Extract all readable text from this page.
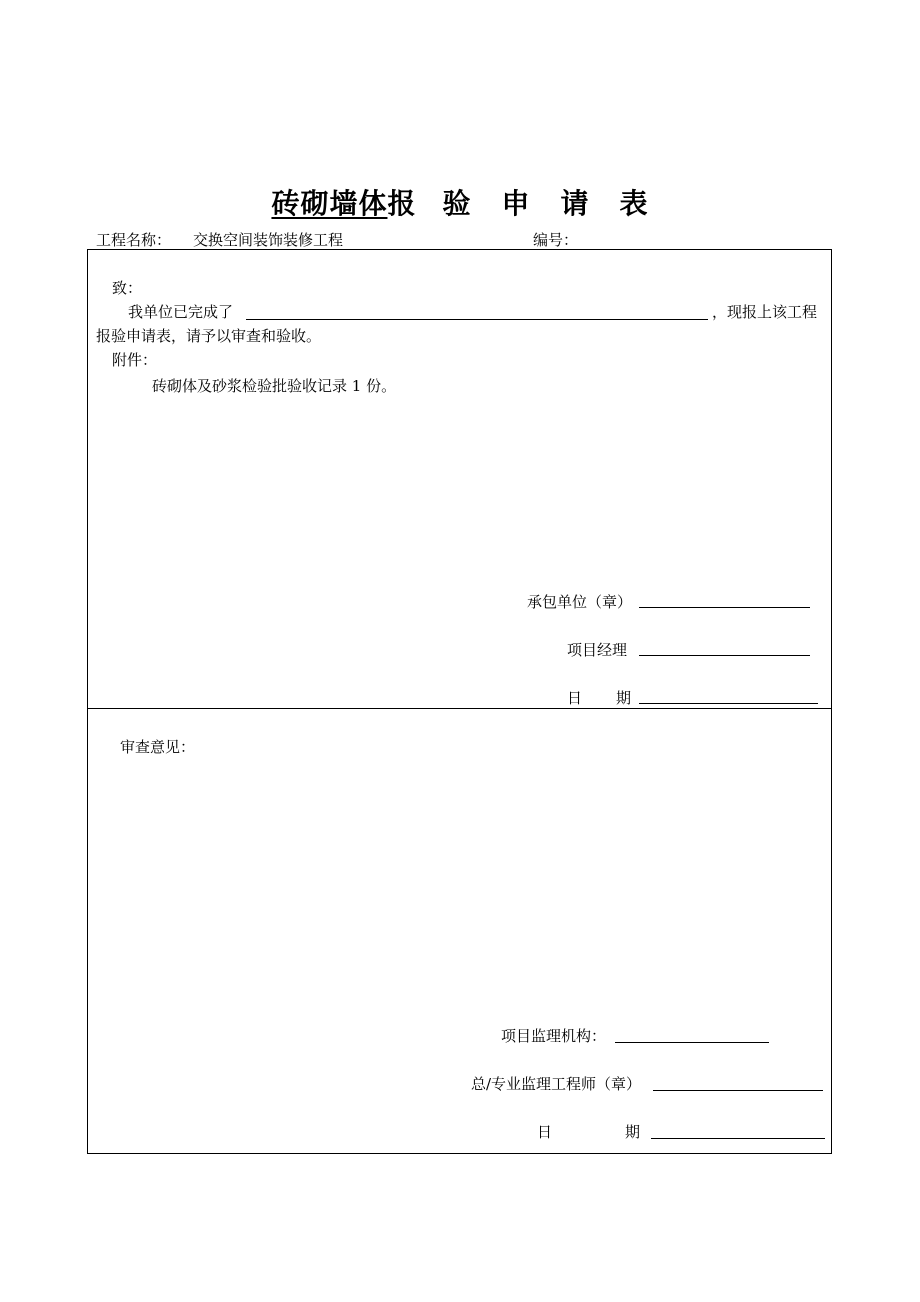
砖砌墙体报 验 申 请 表
工程名称： 交换空间装饰装修工程	编号：
致：
我单位已完成了	，现报上该工程
报验申请表，请予以审查和验收。
附件：
砖砌体及砂浆检验批验收记录 1 份。
承包单位（章）
项目经理
日 期
审查意见：
项目监理机构：
总/专业监理工程师（章）
日	期
